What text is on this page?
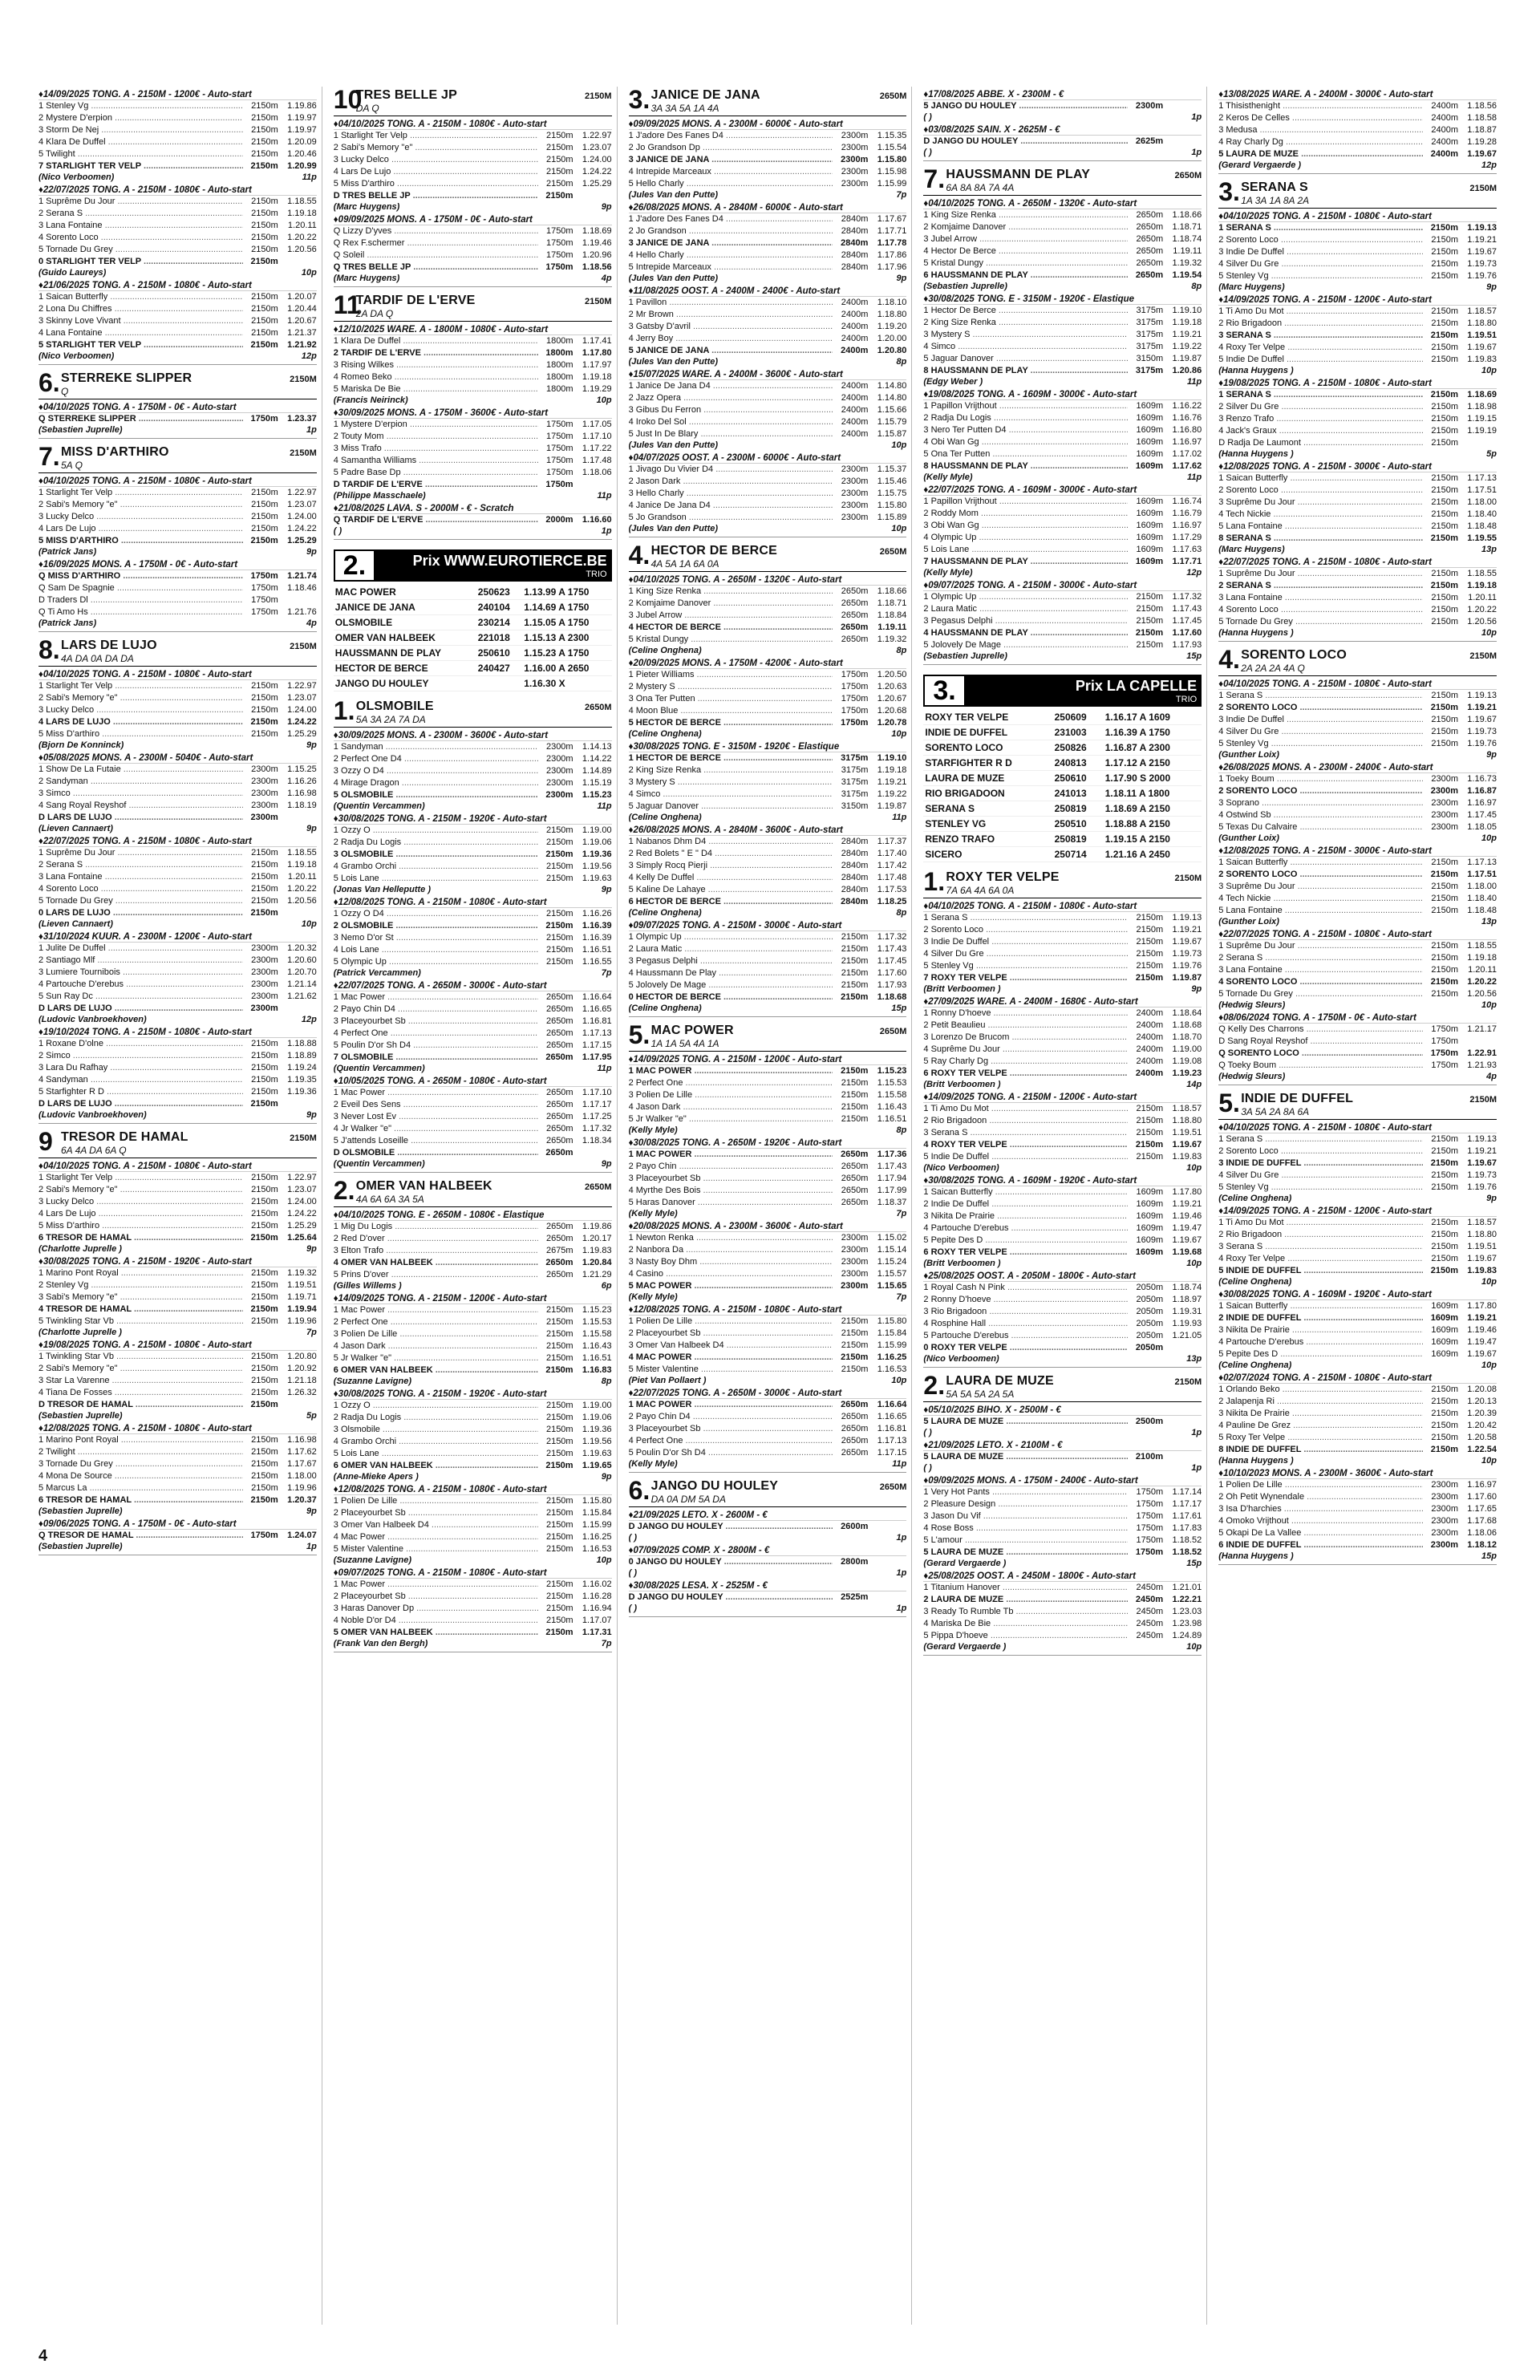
♦ 14/09/2025 TONG. A - 2150M - 1200€ - Auto-start
1 Stenley Vg .....	2150m	1.19.86
2 Mystere D'erpion .....	2150m	1.19.97
3 Storm De Nej .....	2150m	1.19.97
4 Klara De Duffel .....	2150m	1.20.09
5 Twilight .....	2150m	1.20.46
7 STARLIGHT TER VELP .....	2150m	1.20.99
(Nico Verboomen)	11p
♦ 22/07/2025 TONG. A - 2150M - 1080€ - Auto-start
1 Suprême Du Jour .....	2150m	1.18.55
2 Serana S .....	2150m	1.19.18
3 Lana Fontaine .....	2150m	1.20.11
4 Sorento Loco .....	2150m	1.20.22
5 Tornade Du Grey .....	2150m	1.20.56
0 STARLIGHT TER VELP .....	2150m
(Guido Laureys)	10p
♦ 21/06/2025 TONG. A - 2150M - 1080€ - Auto-start
1 Saican Butterfly .....	2150m	1.20.07
2 Lona Du Chiffres .....	2150m	1.20.44
3 Skinny Love Vivant .....	2150m	1.20.67
4 Lana Fontaine .....	2150m	1.21.37
5 STARLIGHT TER VELP .....	2150m	1.21.92
(Nico Verboomen)	12p
6. STERREKE SLIPPER
Q
2150M
♦ 04/10/2025 TONG. A - 1750M - 0€ - Auto-start
Q STERREKE SLIPPER .....	1750m	1.23.37
(Sebastien Juprelle)	1p
7. MISS D'ARTHIRO
5A Q
2150M
♦ 04/10/2025 TONG. A - 2150M - 1080€ - Auto-start
1 Starlight Ter Velp .....	2150m	1.22.97
2 Sabi's Memory "e" .....	2150m	1.23.07
3 Lucky Delco .....	2150m	1.24.00
4 Lars De Lujo .....	2150m	1.24.22
5 MISS D'ARTHIRO .....	2150m	1.25.29
(Patrick Jans)	9p
♦ 16/09/2025 MONS. A - 1750M - 0€ - Auto-start
Q MISS D'ARTHIRO .....	1750m	1.21.74
Q Sam De Spagnie .....	1750m	1.18.46
D Traders Dl .....	1750m
Q Ti Amo Hs .....	1750m	1.21.76
(Patrick Jans)	4p
8. LARS DE LUJO
4A DA 0A DA DA
2150M
♦ 04/10/2025 TONG. A - 2150M - 1080€ - Auto-start
1 Starlight Ter Velp .....	2150m	1.22.97
2 Sabi's Memory "e" .....	2150m	1.23.07
3 Lucky Delco .....	2150m	1.24.00
4 LARS DE LUJO .....	2150m	1.24.22
5 Miss D'arthiro .....	2150m	1.25.29
(Bjorn De Konninck)	9p
♦ 05/08/2025 MONS. A - 2300M - 5040€ - Auto-start
1 Show De La Futaie .....	2300m	1.15.25
2 Sandyman .....	2300m	1.16.26
3 Simco .....	2300m	1.16.98
4 Sang Royal Reyshof .....	2300m	1.18.19
D LARS DE LUJO .....	2300m
(Lieven Cannaert)	9p
♦ 22/07/2025 TONG. A - 2150M - 1080€ - Auto-start
1 Suprême Du Jour .....	2150m	1.18.55
2 Serana S .....	2150m	1.19.18
3 Lana Fontaine .....	2150m	1.20.11
4 Sorento Loco .....	2150m	1.20.22
5 Tornade Du Grey .....	2150m	1.20.56
0 LARS DE LUJO .....	2150m
(Lieven Cannaert)	10p
♦ 31/10/2024 KUUR. A - 2300M - 1200€ - Auto-start
1 Julite De Duffel .....	2300m	1.20.32
2 Santiago Mlf .....	2300m	1.20.60
3 Lumiere Tournibois .....	2300m	1.20.70
4 Partouche D'erebus .....	2300m	1.21.14
5 Sun Ray Dc .....	2300m	1.21.62
D LARS DE LUJO .....	2300m
(Ludovic Vanbroekhoven)	12p
♦ 19/10/2024 TONG. A - 2150M - 1080€ - Auto-start
1 Roxane D'olne .....	2150m	1.18.88
2 Simco .....	2150m	1.18.89
3 Lara Du Rafhay .....	2150m	1.19.24
4 Sandyman .....	2150m	1.19.35
5 Starfighter R D .....	2150m	1.19.36
D LARS DE LUJO .....	2150m
(Ludovic Vanbroekhoven)	9p
9 TRESOR DE HAMAL
6A 4A DA 6A Q
2150M
♦ 04/10/2025 TONG. A - 2150M - 1080€ - Auto-start
1 Starlight Ter Velp .....	2150m	1.22.97
2 Sabi's Memory "e" .....	2150m	1.23.07
3 Lucky Delco .....	2150m	1.24.00
4 Lars De Lujo .....	2150m	1.24.22
5 Miss D'arthiro .....	2150m	1.25.29
6 TRESOR DE HAMAL .....	2150m	1.25.64
(Charlotte Juprelle )	9p
♦ 30/08/2025 TONG. A - 2150M - 1920€ - Auto-start
1 Marino Pont Royal .....	2150m	1.19.32
2 Stenley Vg .....	2150m	1.19.51
3 Sabi's Memory "e" .....	2150m	1.19.71
4 TRESOR DE HAMAL .....	2150m	1.19.94
5 Twinkling Star Vb .....	2150m	1.19.96
(Charlotte Juprelle )	7p
♦ 19/08/2025 TONG. A - 2150M - 1080€ - Auto-start
1 Twinkling Star Vb .....	2150m	1.20.80
2 Sabi's Memory "e" .....	2150m	1.20.92
3 Star La Varenne .....	2150m	1.21.18
4 Tiana De Fosses .....	2150m	1.26.32
D TRESOR DE HAMAL .....	2150m
(Sebastien Juprelle)	5p
♦ 12/08/2025 TONG. A - 2150M - 1080€ - Auto-start
1 Marino Pont Royal .....	2150m	1.16.98
2 Twilight .....	2150m	1.17.62
3 Tornade Du Grey .....	2150m	1.17.67
4 Mona De Source .....	2150m	1.18.00
5 Marcus La .....	2150m	1.19.96
6 TRESOR DE HAMAL .....	2150m	1.20.37
(Sebastien Juprelle)	9p
♦ 09/06/2025 TONG. A - 1750M - 0€ - Auto-start
Q TRESOR DE HAMAL .....	1750m	1.24.07
(Sebastien Juprelle)	1p
10
TRES BELLE JP
DA Q
2150M
♦ 04/10/2025 TONG. A - 2150M - 1080€ - Auto-start
1 Starlight Ter Velp .....	2150m	1.22.97
2 Sabi's Memory "e" .....	2150m	1.23.07
3 Lucky Delco .....	2150m	1.24.00
4 Lars De Lujo .....	2150m	1.24.22
5 Miss D'arthiro .....	2150m	1.25.29
D TRES BELLE JP .....	2150m
(Marc Huygens)	9p
♦ 09/09/2025 MONS. A - 1750M - 0€ - Auto-start
Q Lizzy D'yves .....	1750m	1.18.69
Q Rex F.schermer .....	1750m	1.19.46
Q Soleil .....	1750m	1.20.96
Q TRES BELLE JP .....	1750m	1.18.56
(Marc Huygens)	4p
11
TARDIF DE L'ERVE
2A DA Q
2150M
♦ 12/10/2025 WARE. A - 1800M - 1080€ - Auto-start
1 Klara De Duffel .....	1800m	1.17.41
2 TARDIF DE L'ERVE .....	1800m	1.17.80
3 Rising Wilkes .....	1800m	1.17.97
4 Romeo Beko .....	1800m	1.19.18
5 Mariska De Bie .....	1800m	1.19.29
(Francis Neirinck)	10p
♦ 30/09/2025 MONS. A - 1750M - 3600€ - Auto-start
1 Mystere D'erpion .....	1750m	1.17.05
2 Touty Mom .....	1750m	1.17.10
3 Miss Trafo .....	1750m	1.17.22
4 Samantha Williams .....	1750m	1.17.48
5 Padre Base Dp .....	1750m	1.18.06
D TARDIF DE L'ERVE .....	1750m
(Philippe Masschaele)	11p
♦ 21/08/2025 LAVA. S - 2000M - € - Scratch
Q TARDIF DE L'ERVE .....	2000m	1.16.60
( )	1p
2.	Prix WWW.EUROTIERCE.BE
TRIO
MAC POWER	250623	1.13.99 A 1750
JANICE DE JANA	240104	1.14.69 A 1750
OLSMOBILE	230214	1.15.05 A 1750
OMER VAN HALBEEK	221018	1.15.13 A 2300
HAUSSMANN DE PLAY	250610	1.15.23 A 1750
HECTOR DE BERCE	240427	1.16.00 A 2650
JANGO DU HOULEY		1.16.30 X
1. OLSMOBILE
5A 3A 2A 7A DA
2650M
♦ 30/09/2025 MONS. A - 2300M - 3600€ - Auto-start
1 Sandyman .....	2300m	1.14.13
2 Perfect One D4 .....	2300m	1.14.22
3 Ozzy O D4 .....	2300m	1.14.89
4 Mirage Dragon .....	2300m	1.15.19
5 OLSMOBILE .....	2300m	1.15.23
(Quentin Vercammen)	11p
♦ 30/08/2025 TONG. A - 2150M - 1920€ - Auto-start
1 Ozzy O .....	2150m	1.19.00
2 Radja Du Logis .....	2150m	1.19.06
3 OLSMOBILE .....	2150m	1.19.36
4 Grambo Orchi .....	2150m	1.19.56
5 Lois Lane .....	2150m	1.19.63
(Jonas Van Helleputte )	9p
♦ 12/08/2025 TONG. A - 2150M - 1080€ - Auto-start
1 Ozzy O D4 .....	2150m	1.16.26
2 OLSMOBILE .....	2150m	1.16.39
3 Nemo D'or St .....	2150m	1.16.39
4 Lois Lane .....	2150m	1.16.51
5 Olympic Up .....	2150m	1.16.55
(Patrick Vercammen)	7p
♦ 22/07/2025 TONG. A - 2650M - 3000€ - Auto-start
1 Mac Power .....	2650m	1.16.64
2 Payo Chin D4 .....	2650m	1.16.65
3 Placeyourbet Sb .....	2650m	1.16.81
4 Perfect One .....	2650m	1.17.13
5 Poulin D'or Sh D4 .....	2650m	1.17.15
7 OLSMOBILE .....	2650m	1.17.95
(Quentin Vercammen)	11p
♦ 10/05/2025 TONG. A - 2650M - 1080€ - Auto-start
1 Mac Power .....	2650m	1.17.10
2 Eveil Des Sens .....	2650m	1.17.17
3 Never Lost Ev .....	2650m	1.17.25
4 Jr Walker "e" .....	2650m	1.17.32
5 J'attends Loseille .....	2650m	1.18.34
D OLSMOBILE .....	2650m
(Quentin Vercammen)	9p
2. OMER VAN HALBEEK
4A 6A 6A 3A 5A
2650M
♦ 04/10/2025 TONG. E - 2650M - 1080€ - Elastique
1 Mig Du Logis .....	2650m	1.19.86
2 Red D'over .....	2650m	1.20.17
3 Elton Trafo .....	2675m	1.19.83
4 OMER VAN HALBEEK .....	2650m	1.20.84
5 Prins D'over .....	2650m	1.21.29
(Gilles Willems )	6p
♦ 14/09/2025 TONG. A - 2150M - 1200€ - Auto-start
1 Mac Power .....	2150m	1.15.23
2 Perfect One .....	2150m	1.15.53
3 Polien De Lille .....	2150m	1.15.58
4 Jason Dark .....	2150m	1.16.43
5 Jr Walker "e" .....	2150m	1.16.51
6 OMER VAN HALBEEK .....	2150m	1.16.83
(Suzanne Lavigne)	8p
♦ 30/08/2025 TONG. A - 2150M - 1920€ - Auto-start
1 Ozzy O .....	2150m	1.19.00
2 Radja Du Logis .....	2150m	1.19.06
3 Olsmobile .....	2150m	1.19.36
4 Grambo Orchi .....	2150m	1.19.56
5 Lois Lane .....	2150m	1.19.63
6 OMER VAN HALBEEK .....	2150m	1.19.65
(Anne-Mieke Apers )	9p
♦ 12/08/2025 TONG. A - 2150M - 1080€ - Auto-start
1 Polien De Lille .....	2150m	1.15.80
2 Placeyourbet Sb .....	2150m	1.15.84
3 Omer Van Halbeek D4 .....	2150m	1.15.99
4 Mac Power .....	2150m	1.16.25
5 Mister Valentine .....	2150m	1.16.53
(Suzanne Lavigne)	10p
♦ 09/07/2025 TONG. A - 2150M - 1080€ - Auto-start
1 Mac Power .....	2150m	1.16.02
2 Placeyourbet Sb .....	2150m	1.16.28
3 Haras Danover Dp .....	2150m	1.16.94
4 Noble D'or D4 .....	2150m	1.17.07
5 OMER VAN HALBEEK .....	2150m	1.17.31
(Frank Van den Bergh)	7p
3. JANICE DE JANA
3A 3A 5A 1A 4A
2650M
♦ 09/09/2025 MONS. A - 2300M - 6000€ - Auto-start
1 J'adore Des Fanes D4 .....	2300m	1.15.35
2 Jo Grandson Dp .....	2300m	1.15.54
3 JANICE DE JANA .....	2300m	1.15.80
4 Intrepide Marceaux .....	2300m	1.15.98
5 Hello Charly .....	2300m	1.15.99
(Jules Van den Putte)	7p
♦ 26/08/2025 MONS. A - 2840M - 6000€ - Auto-start
1 J'adore Des Fanes D4 .....	2840m	1.17.67
2 Jo Grandson .....	2840m	1.17.71
3 JANICE DE JANA .....	2840m	1.17.78
4 Hello Charly .....	2840m	1.17.86
5 Intrepide Marceaux .....	2840m	1.17.96
(Jules Van den Putte)	9p
♦ 11/08/2025 OOST. A - 2400M - 2400€ - Auto-start
1 Pavillon .....	2400m	1.18.10
2 Mr Brown .....	2400m	1.18.80
3 Gatsby D'avril .....	2400m	1.19.20
4 Jerry Boy .....	2400m	1.20.00
5 JANICE DE JANA .....	2400m	1.20.80
(Jules Van den Putte)	8p
♦ 15/07/2025 WARE. A - 2400M - 3600€ - Auto-start
1 Janice De Jana D4 .....	2400m	1.14.80
2 Jazz Opera .....	2400m	1.14.80
3 Gibus Du Ferron .....	2400m	1.15.66
4 Iroko Del Sol .....	2400m	1.15.79
5 Just In De Blary .....	2400m	1.15.87
(Jules Van den Putte)	10p
♦ 04/07/2025 OOST. A - 2300M - 6000€ - Auto-start
1 Jivago Du Vivier D4 .....	2300m	1.15.37
2 Jason Dark .....	2300m	1.15.46
3 Hello Charly .....	2300m	1.15.75
4 Janice De Jana D4 .....	2300m	1.15.80
5 Jo Grandson .....	2300m	1.15.89
(Jules Van den Putte)	10p
4. HECTOR DE BERCE
4A 5A 1A 6A 0A
2650M
♦ 04/10/2025 TONG. A - 2650M - 1320€ - Auto-start
1 King Size Renka .....	2650m	1.18.66
2 Komjaime Danover .....	2650m	1.18.71
3 Jubel Arrow .....	2650m	1.18.84
4 HECTOR DE BERCE .....	2650m	1.19.11
5 Kristal Dungy .....	2650m	1.19.32
(Celine Onghena)	8p
♦ 20/09/2025 MONS. A - 1750M - 4200€ - Auto-start
1 Pieter Williams .....	1750m	1.20.50
2 Mystery S .....	1750m	1.20.63
3 Ona Ter Putten .....	1750m	1.20.67
4 Moon Blue .....	1750m	1.20.68
5 HECTOR DE BERCE .....	1750m	1.20.78
(Celine Onghena)	10p
♦ 30/08/2025 TONG. E - 3150M - 1920€ - Elastique
1 HECTOR DE BERCE .....	3175m	1.19.10
2 King Size Renka .....	3175m	1.19.18
3 Mystery S .....	3175m	1.19.21
4 Simco .....	3175m	1.19.22
5 Jaguar Danover .....	3150m	1.19.87
(Celine Onghena)	11p
♦ 26/08/2025 MONS. A - 2840M - 3600€ - Auto-start
1 Nabanos Dhm D4 .....	2840m	1.17.37
2 Red Bolets " E " D4 .....	2840m	1.17.40
3 Simply Rocq Pierji .....	2840m	1.17.42
4 Kelly De Duffel .....	2840m	1.17.48
5 Kaline De Lahaye .....	2840m	1.17.53
6 HECTOR DE BERCE .....	2840m	1.18.25
(Celine Onghena)	8p
♦ 09/07/2025 TONG. A - 2150M - 3000€ - Auto-start
1 Olympic Up .....	2150m	1.17.32
2 Laura Matic .....	2150m	1.17.43
3 Pegasus Delphi .....	2150m	1.17.45
4 Haussmann De Play .....	2150m	1.17.60
5 Jolovely De Mage .....	2150m	1.17.93
0 HECTOR DE BERCE .....	2150m	1.18.68
(Celine Onghena)	15p
5. MAC POWER
1A 1A 5A 4A 1A
2650M
♦ 14/09/2025 TONG. A - 2150M - 1200€ - Auto-start
1 MAC POWER .....	2150m	1.15.23
2 Perfect One .....	2150m	1.15.53
3 Polien De Lille .....	2150m	1.15.58
4 Jason Dark .....	2150m	1.16.43
5 Jr Walker "e" .....	2150m	1.16.51
(Kelly Myle)	8p
♦ 30/08/2025 TONG. A - 2650M - 1920€ - Auto-start
1 MAC POWER .....	2650m	1.17.36
2 Payo Chin .....	2650m	1.17.43
3 Placeyourbet Sb .....	2650m	1.17.94
4 Myrthe Des Bois .....	2650m	1.17.99
5 Haras Danover .....	2650m	1.18.37
(Kelly Myle)	7p
♦ 20/08/2025 MONS. A - 2300M - 3600€ - Auto-start
1 Newton Renka .....	2300m	1.15.02
2 Nanbora Da .....	2300m	1.15.14
3 Nasty Boy Dhm .....	2300m	1.15.24
4 Casino .....	2300m	1.15.57
5 MAC POWER .....	2300m	1.15.65
(Kelly Myle)	7p
♦ 12/08/2025 TONG. A - 2150M - 1080€ - Auto-start
1 Polien De Lille .....	2150m	1.15.80
2 Placeyourbet Sb .....	2150m	1.15.84
3 Omer Van Halbeek D4 .....	2150m	1.15.99
4 MAC POWER .....	2150m	1.16.25
5 Mister Valentine .....	2150m	1.16.53
(Piet Van Pollaert )	10p
♦ 22/07/2025 TONG. A - 2650M - 3000€ - Auto-start
1 MAC POWER .....	2650m	1.16.64
2 Payo Chin D4 .....	2650m	1.16.65
3 Placeyourbet Sb .....	2650m	1.16.81
4 Perfect One .....	2650m	1.17.13
5 Poulin D'or Sh D4 .....	2650m	1.17.15
(Kelly Myle)	11p
6. JANGO DU HOULEY
DA 0A DM 5A DA
2650M
♦ 21/09/2025 LETO. X - 2600M - €
D JANGO DU HOULEY .....	2600m
( )	1p
♦ 07/09/2025 COMP. X - 2800M - €
0 JANGO DU HOULEY .....	2800m
( )	1p
♦ 30/08/2025 LESA. X - 2525M - €
D JANGO DU HOULEY .....	2525m
( )	1p
♦ 17/08/2025 ABBE. X - 2300M - €
5 JANGO DU HOULEY .....	2300m
( )	1p
♦ 03/08/2025 SAIN. X - 2625M - €
D JANGO DU HOULEY .....	2625m
( )	1p
7. HAUSSMANN DE PLAY
6A 8A 8A 7A 4A
2650M
♦ 04/10/2025 TONG. A - 2650M - 1320€ - Auto-start
1 King Size Renka .....	2650m	1.18.66
2 Komjaime Danover .....	2650m	1.18.71
3 Jubel Arrow .....	2650m	1.18.74
4 Hector De Berce .....	2650m	1.19.11
5 Kristal Dungy .....	2650m	1.19.32
6 HAUSSMANN DE PLAY .....	2650m	1.19.54
(Sebastien Juprelle)	8p
♦ 30/08/2025 TONG. E - 3150M - 1920€ - Elastique
1 Hector De Berce .....	3175m	1.19.10
2 King Size Renka .....	3175m	1.19.18
3 Mystery S .....	3175m	1.19.21
4 Simco .....	3175m	1.19.22
5 Jaguar Danover .....	3150m	1.19.87
8 HAUSSMANN DE PLAY .....	3175m	1.20.86
(Edgy Weber )	11p
♦ 19/08/2025 TONG. A - 1609M - 3000€ - Auto-start
1 Papillon Vrijthout .....	1609m	1.16.22
2 Radja Du Logis .....	1609m	1.16.76
3 Nero Ter Putten D4 .....	1609m	1.16.80
4 Obi Wan Gg .....	1609m	1.16.97
5 Ona Ter Putten .....	1609m	1.17.02
8 HAUSSMANN DE PLAY .....	1609m	1.17.62
(Kelly Myle)	11p
♦ 22/07/2025 TONG. A - 1609M - 3000€ - Auto-start
1 Papillon Vrijthout .....	1609m	1.16.74
2 Roddy Mom .....	1609m	1.16.79
3 Obi Wan Gg .....	1609m	1.16.97
4 Olympic Up .....	1609m	1.17.29
5 Lois Lane .....	1609m	1.17.63
7 HAUSSMANN DE PLAY .....	1609m	1.17.71
(Kelly Myle)	12p
♦ 09/07/2025 TONG. A - 2150M - 3000€ - Auto-start
1 Olympic Up .....	2150m	1.17.32
2 Laura Matic .....	2150m	1.17.43
3 Pegasus Delphi .....	2150m	1.17.45
4 HAUSSMANN DE PLAY .....	2150m	1.17.60
5 Jolovely De Mage .....	2150m	1.17.93
(Sebastien Juprelle)	15p
3.	Prix LA CAPELLE
TRIO
ROXY TER VELPE	250609	1.16.17 A 1609
INDIE DE DUFFEL	231003	1.16.39 A 1750
SORENTO LOCO	250826	1.16.87 A 2300
STARFIGHTER R D	240813	1.17.12 A 2150
LAURA DE MUZE	250610	1.17.90 S 2000
RIO BRIGADOON	241013	1.18.11 A 1800
SERANA S	250819	1.18.69 A 2150
STENLEY VG	250510	1.18.88 A 2150
RENZO TRAFO	250819	1.19.15 A 2150
SICERO	250714	1.21.16 A 2450
1. ROXY TER VELPE
7A 6A 4A 6A 0A
2150M
♦ 04/10/2025 TONG. A - 2150M - 1080€ - Auto-start
1 Serana S .....	2150m	1.19.13
2 Sorento Loco .....	2150m	1.19.21
3 Indie De Duffel .....	2150m	1.19.67
4 Silver Du Gre .....	2150m	1.19.73
5 Stenley Vg .....	2150m	1.19.76
7 ROXY TER VELPE .....	2150m	1.19.87
(Britt Verboomen )	9p
♦ 27/09/2025 WARE. A - 2400M - 1680€ - Auto-start
1 Ronny D'hoeve .....	2400m	1.18.64
2 Petit Beaulieu .....	2400m	1.18.68
3 Lorenzo De Brucom .....	2400m	1.18.70
4 Suprême Du Jour .....	2400m	1.19.00
5 Ray Charly Dg .....	2400m	1.19.08
6 ROXY TER VELPE .....	2400m	1.19.23
(Britt Verboomen )	14p
♦ 14/09/2025 TONG. A - 2150M - 1200€ - Auto-start
1 Ti Amo Du Mot .....	2150m	1.18.57
2 Rio Brigadoon .....	2150m	1.18.80
3 Serana S .....	2150m	1.19.51
4 ROXY TER VELPE .....	2150m	1.19.67
5 Indie De Duffel .....	2150m	1.19.83
(Nico Verboomen)	10p
♦ 30/08/2025 TONG. A - 1609M - 1920€ - Auto-start
1 Saican Butterfly .....	1609m	1.17.80
2 Indie De Duffel .....	1609m	1.19.21
3 Nikita De Prairie .....	1609m	1.19.46
4 Partouche D'erebus .....	1609m	1.19.47
5 Pepite Des D .....	1609m	1.19.67
6 ROXY TER VELPE .....	1609m	1.19.68
(Britt Verboomen )	10p
♦ 25/08/2025 OOST. A - 2050M - 1800€ - Auto-start
1 Royal Cash N Pink .....	2050m	1.18.74
2 Ronny D'hoeve .....	2050m	1.18.97
3 Rio Brigadoon .....	2050m	1.19.31
4 Rosphine Hall .....	2050m	1.19.93
5 Partouche D'erebus .....	2050m	1.21.05
0 ROXY TER VELPE .....	2050m
(Nico Verboomen)	13p
2. LAURA DE MUZE
5A 5A 5A 2A 5A
2150M
♦ 05/10/2025 BIHO. X - 2500M - €
5 LAURA DE MUZE .....	2500m
( )	1p
♦ 21/09/2025 LETO. X - 2100M - €
5 LAURA DE MUZE .....	2100m
( )	1p
♦ 09/09/2025 MONS. A - 1750M - 2400€ - Auto-start
1 Very Hot Pants .....	1750m	1.17.14
2 Pleasure Design .....	1750m	1.17.17
3 Jason Du Vif .....	1750m	1.17.61
4 Rose Boss .....	1750m	1.17.83
5 L'amour .....	1750m	1.18.52
5 LAURA DE MUZE .....	1750m	1.18.52
(Gerard Vergaerde )	15p
♦ 25/08/2025 OOST. A - 2450M - 1800€ - Auto-start
1 Titanium Hanover .....	2450m	1.21.01
2 LAURA DE MUZE .....	2450m	1.22.21
3 Ready To Rumble Tb .....	2450m	1.23.03
4 Mariska De Bie .....	2450m	1.23.98
5 Pippa D'hoeve .....	2450m	1.24.89
(Gerard Vergaerde )	10p
♦ 13/08/2025 WARE. A - 2400M - 3000€ - Auto-start
1 Thisisthenight .....	2400m	1.18.56
2 Keros De Celles .....	2400m	1.18.58
3 Medusa .....	2400m	1.18.87
4 Ray Charly Dg .....	2400m	1.19.28
5 LAURA DE MUZE .....	2400m	1.19.67
(Gerard Vergaerde )	12p
3. SERANA S
1A 3A 1A 8A 2A
2150M
♦ 04/10/2025 TONG. A - 2150M - 1080€ - Auto-start
1 SERANA S .....	2150m	1.19.13
2 Sorento Loco .....	2150m	1.19.21
3 Indie De Duffel .....	2150m	1.19.67
4 Silver Du Gre .....	2150m	1.19.73
5 Stenley Vg .....	2150m	1.19.76
(Marc Huygens)	9p
♦ 14/09/2025 TONG. A - 2150M - 1200€ - Auto-start
1 Ti Amo Du Mot .....	2150m	1.18.57
2 Rio Brigadoon .....	2150m	1.18.80
3 SERANA S .....	2150m	1.19.51
4 Roxy Ter Velpe .....	2150m	1.19.67
5 Indie De Duffel .....	2150m	1.19.83
(Hanna Huygens )	10p
♦ 19/08/2025 TONG. A - 2150M - 1080€ - Auto-start
1 SERANA S .....	2150m	1.18.69
2 Silver Du Gre .....	2150m	1.18.98
3 Renzo Trafo .....	2150m	1.19.15
4 Jack's Graux .....	2150m	1.19.19
D Radja De Laumont .....	2150m
(Hanna Huygens )	5p
♦ 12/08/2025 TONG. A - 2150M - 3000€ - Auto-start
1 Saican Butterfly .....	2150m	1.17.13
2 Sorento Loco .....	2150m	1.17.51
3 Suprême Du Jour .....	2150m	1.18.00
4 Tech Nickie .....	2150m	1.18.40
5 Lana Fontaine .....	2150m	1.18.48
8 SERANA S .....	2150m	1.19.55
(Marc Huygens)	13p
♦ 22/07/2025 TONG. A - 2150M - 1080€ - Auto-start
1 Suprême Du Jour .....	2150m	1.18.55
2 SERANA S .....	2150m	1.19.18
3 Lana Fontaine .....	2150m	1.20.11
4 Sorento Loco .....	2150m	1.20.22
5 Tornade Du Grey .....	2150m	1.20.56
(Hanna Huygens )	10p
4. SORENTO LOCO
2A 2A 2A 4A Q
2150M
♦ 04/10/2025 TONG. A - 2150M - 1080€ - Auto-start
1 Serana S .....	2150m	1.19.13
2 SORENTO LOCO .....	2150m	1.19.21
3 Indie De Duffel .....	2150m	1.19.67
4 Silver Du Gre .....	2150m	1.19.73
5 Stenley Vg .....	2150m	1.19.76
(Gunther Loix)	9p
♦ 26/08/2025 MONS. A - 2300M - 2400€ - Auto-start
1 Toeky Boum .....	2300m	1.16.73
2 SORENTO LOCO .....	2300m	1.16.87
3 Soprano .....	2300m	1.16.97
4 Ostwind Sb .....	2300m	1.17.45
5 Texas Du Calvaire .....	2300m	1.18.05
(Gunther Loix)	10p
♦ 12/08/2025 TONG. A - 2150M - 3000€ - Auto-start
1 Saican Butterfly .....	2150m	1.17.13
2 SORENTO LOCO .....	2150m	1.17.51
3 Suprême Du Jour .....	2150m	1.18.00
4 Tech Nickie .....	2150m	1.18.40
5 Lana Fontaine .....	2150m	1.18.48
(Gunther Loix)	13p
♦ 22/07/2025 TONG. A - 2150M - 1080€ - Auto-start
1 Suprême Du Jour .....	2150m	1.18.55
2 Serana S .....	2150m	1.19.18
3 Lana Fontaine .....	2150m	1.20.11
4 SORENTO LOCO .....	2150m	1.20.22
5 Tornade Du Grey .....	2150m	1.20.56
(Hedwig Sleurs)	10p
♦ 08/06/2024 TONG. A - 1750M - 0€ - Auto-start
Q Kelly Des Charrons .....	1750m	1.21.17
D Sang Royal Reyshof .....	1750m
Q SORENTO LOCO .....	1750m	1.22.91
Q Toeky Boum .....	1750m	1.21.93
(Hedwig Sleurs)	4p
5. INDIE DE DUFFEL
3A 5A 2A 8A 6A
2150M
♦ 04/10/2025 TONG. A - 2150M - 1080€ - Auto-start
1 Serana S .....	2150m	1.19.13
2 Sorento Loco .....	2150m	1.19.21
3 INDIE DE DUFFEL .....	2150m	1.19.67
4 Silver Du Gre .....	2150m	1.19.73
5 Stenley Vg .....	2150m	1.19.76
(Celine Onghena)	9p
♦ 14/09/2025 TONG. A - 2150M - 1200€ - Auto-start
1 Ti Amo Du Mot .....	2150m	1.18.57
2 Rio Brigadoon .....	2150m	1.18.80
3 Serana S .....	2150m	1.19.51
4 Roxy Ter Velpe .....	2150m	1.19.67
5 INDIE DE DUFFEL .....	2150m	1.19.83
(Celine Onghena)	10p
♦ 30/08/2025 TONG. A - 1609M - 1920€ - Auto-start
1 Saican Butterfly .....	1609m	1.17.80
2 INDIE DE DUFFEL .....	1609m	1.19.21
3 Nikita De Prairie .....	1609m	1.19.46
4 Partouche D'erebus .....	1609m	1.19.47
5 Pepite Des D .....	1609m	1.19.67
(Celine Onghena)	10p
♦ 02/07/2024 TONG. A - 2150M - 1080€ - Auto-start
1 Orlando Beko .....	2150m	1.20.08
2 Jalapenja Ri .....	2150m	1.20.13
3 Nikita De Prairie .....	2150m	1.20.39
4 Pauline De Grez .....	2150m	1.20.42
5 Roxy Ter Velpe .....	2150m	1.20.58
8 INDIE DE DUFFEL .....	2150m	1.22.54
(Hanna Huygens )	10p
♦ 10/10/2023 MONS. A - 2300M - 3600€ - Auto-start
1 Polien De Lille .....	2300m	1.16.97
2 Oh Petit Wynendale .....	2300m	1.17.60
3 Isa D'harchies .....	2300m	1.17.65
4 Omoko Vrijthout .....	2300m	1.17.68
5 Okapi De La Vallee .....	2300m	1.18.06
6 INDIE DE DUFFEL .....	2300m	1.18.12
(Hanna Huygens )	15p
4
